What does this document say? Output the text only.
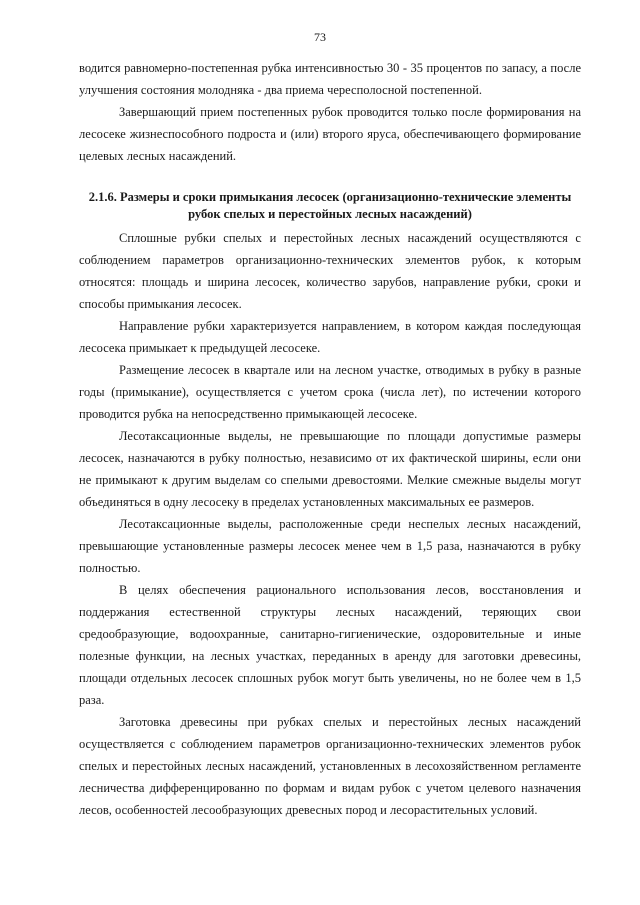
73

водится равномерно-постепенная рубка интенсивностью 30 - 35 процентов по запасу, а после улучшения состояния молодняка - два приема чересполосной постепенной.

Завершающий прием постепенных рубок проводится только после формирования на лесосеке жизнеспособного подроста и (или) второго яруса, обеспечивающего формирование целевых лесных насаждений.

2.1.6. Размеры и сроки примыкания лесосек (организационно-технические элементы рубок спелых и перестойных лесных насаждений)

Сплошные рубки спелых и перестойных лесных насаждений осуществляются с соблюдением параметров организационно-технических элементов рубок, к которым относятся: площадь и ширина лесосек, количество зарубов, направление рубки, сроки и способы примыкания лесосек.

Направление рубки характеризуется направлением, в котором каждая последующая лесосека примыкает к предыдущей лесосеке.

Размещение лесосек в квартале или на лесном участке, отводимых в рубку в разные годы (примыкание), осуществляется с учетом срока (числа лет), по истечении которого проводится рубка на непосредственно примыкающей лесосеке.

Лесотаксационные выделы, не превышающие по площади допустимые размеры лесосек, назначаются в рубку полностью, независимо от их фактической ширины, если они не примыкают к другим выделам со спелыми древостоями. Мелкие смежные выделы могут объединяться в одну лесосеку в пределах установленных максимальных ее размеров.

Лесотаксационные выделы, расположенные среди неспелых лесных насаждений, превышающие установленные размеры лесосек менее чем в 1,5 раза, назначаются в рубку полностью.

В целях обеспечения рационального использования лесов, восстановления и поддержания естественной структуры лесных насаждений, теряющих свои средообразующие, водоохранные, санитарно-гигиенические, оздоровительные и иные полезные функции, на лесных участках, переданных в аренду для заготовки древесины, площади отдельных лесосек сплошных рубок могут быть увеличены, но не более чем в 1,5 раза.

Заготовка древесины при рубках спелых и перестойных лесных насаждений осуществляется с соблюдением параметров организационно-технических элементов рубок спелых и перестойных лесных насаждений, установленных в лесохозяйственном регламенте лесничества дифференцированно по формам и видам рубок с учетом целевого назначения лесов, особенностей лесообразующих древесных пород и лесорастительных условий.
